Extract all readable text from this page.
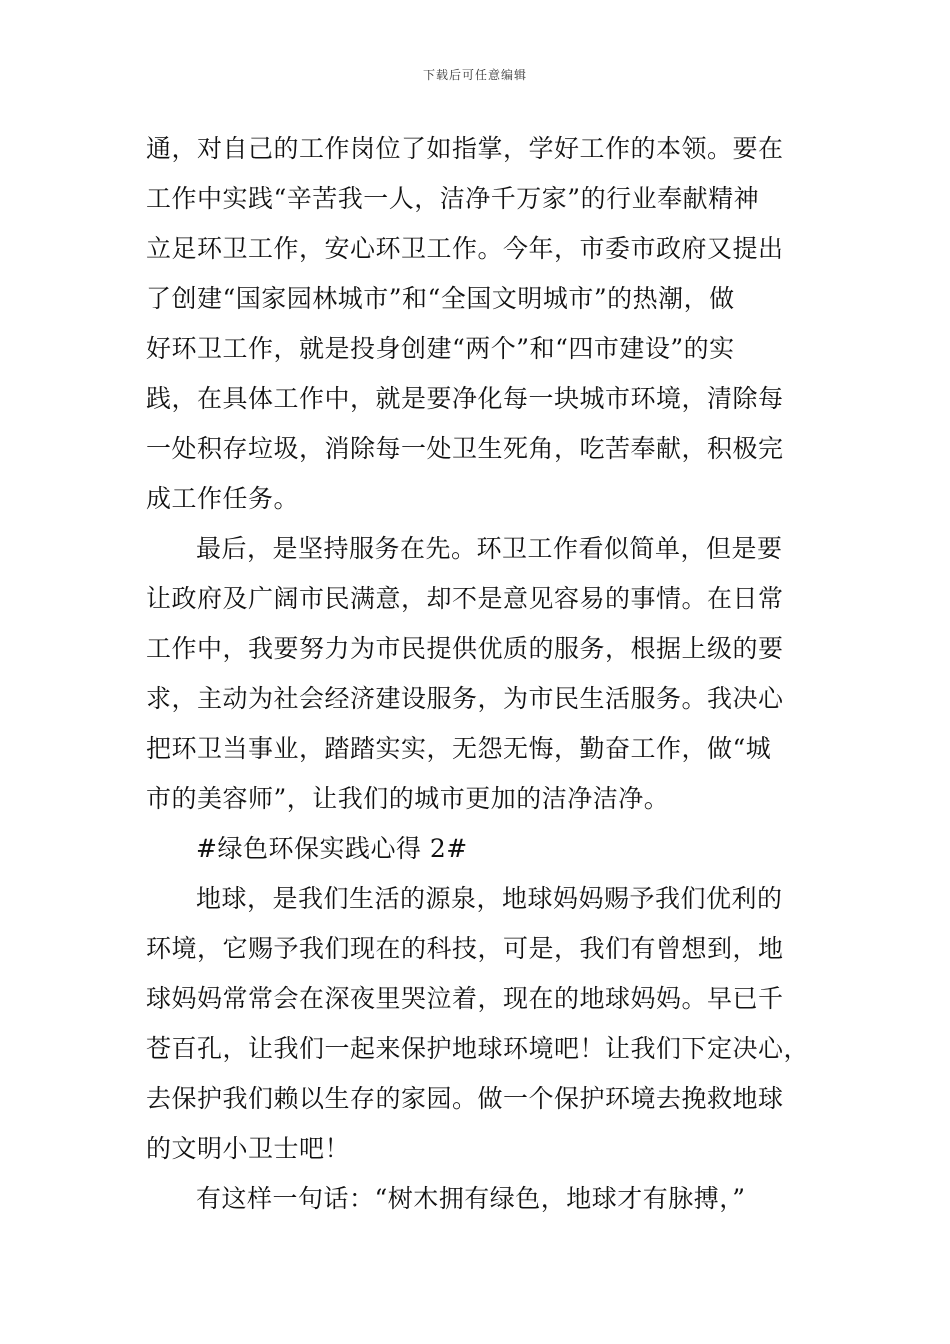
下载后可任意编辑
通，对自己的工作岗位了如指掌，学好工作的本领。要在
工作中实践“辛苦我一人，洁净千万家”的行业奉献精神
立足环卫工作，安心环卫工作。今年，市委市政府又提出
了创建“国家园林城市”和“全国文明城市”的热潮，做
好环卫工作，就是投身创建“两个”和“四市建设”的实
践，在具体工作中，就是要净化每一块城市环境，清除每
一处积存垃圾，消除每一处卫生死角，吃苦奉献，积极完
成工作任务。
最后，是坚持服务在先。环卫工作看似简单，但是要
让政府及广阔市民满意，却不是意见容易的事情。在日常
工作中，我要努力为市民提供优质的服务，根据上级的要
求，主动为社会经济建设服务，为市民生活服务。我决心
把环卫当事业，踏踏实实，无怨无悔，勤奋工作，做“城
市的美容师”，让我们的城市更加的洁净洁净。
#绿色环保实践心得 2#
地球，是我们生活的源泉，地球妈妈赐予我们优利的
环境，它赐予我们现在的科技，可是，我们有曾想到，地
球妈妈常常会在深夜里哭泣着，现在的地球妈妈。早已千
苍百孔，让我们一起来保护地球环境吧！让我们下定决心，
去保护我们赖以生存的家园。做一个保护环境去挽救地球
的文明小卫士吧！
有这样一句话：“树木拥有绿色，地球才有脉搏，”
